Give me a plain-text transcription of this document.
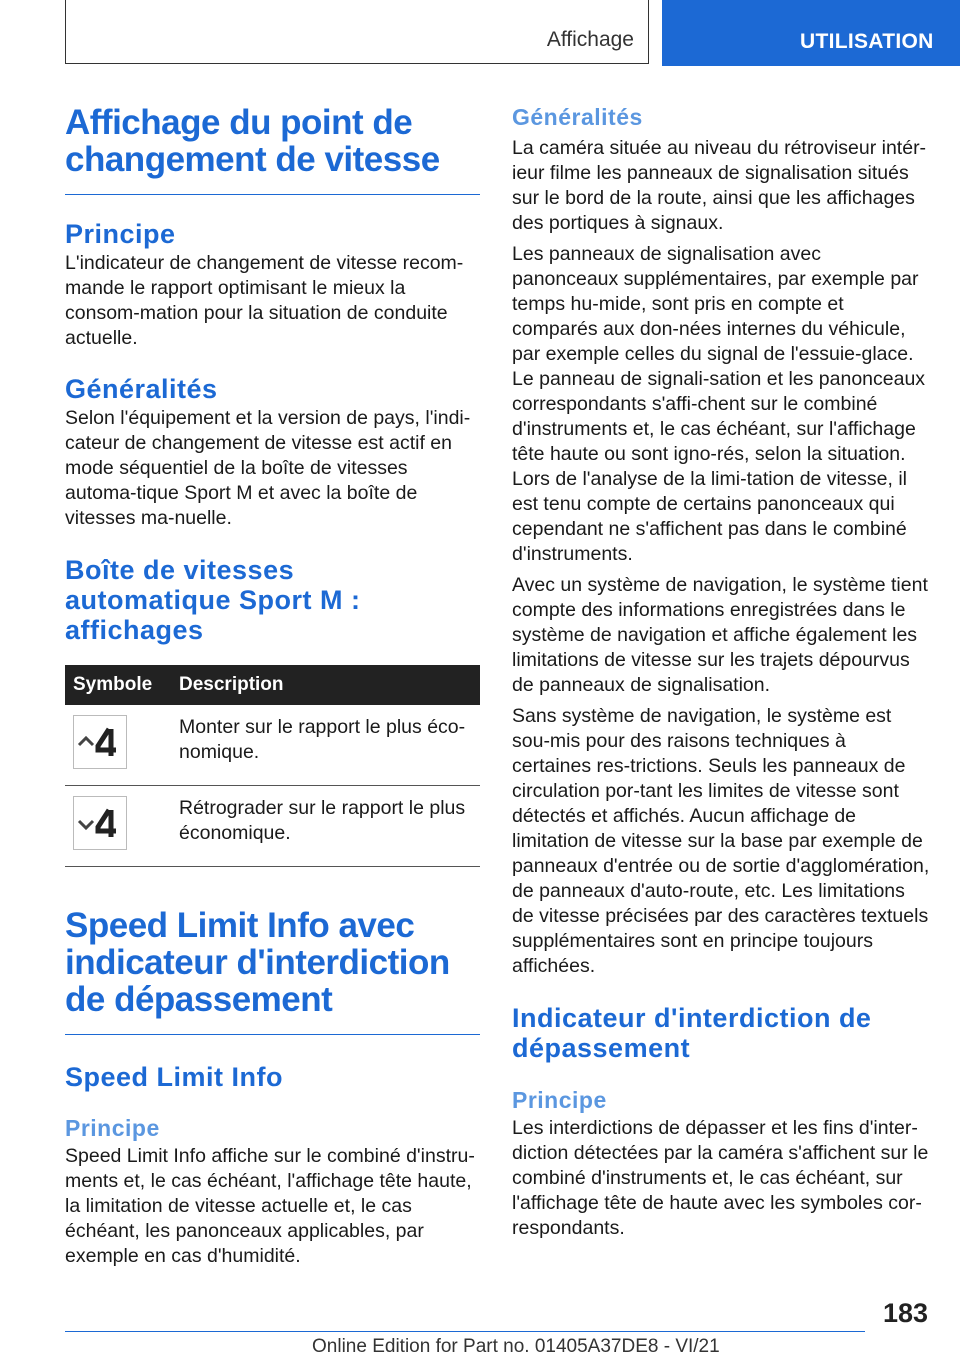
Affichage	UTILISATION
Affichage du point de changement de vitesse
Principe

L'indicateur de changement de vitesse recom-mande le rapport optimisant le mieux la consom-mation pour la situation de conduite actuelle.

Généralités

Selon l'équipement et la version de pays, l'indi-cateur de changement de vitesse est actif en mode séquentiel de la boîte de vitesses automa-tique Sport M et avec la boîte de vitesses ma-nuelle.

Boîte de vitesses automatique Sport M : affichages
Symbole	Description

	Monter sur le rapport le plus éco-nomique.

	Rétrograder sur le rapport le plus économique.
Speed Limit Info avec indicateur d'interdiction de dépassement
Speed Limit Info
Principe

Speed Limit Info affiche sur le combiné d'instru-ments et, le cas échéant, l'affichage tête haute, la limitation de vitesse actuelle et, le cas échéant, les panonceaux applicables, par exemple en cas d'humidité.

Généralités

La caméra située au niveau du rétroviseur intér-ieur filme les panneaux de signalisation situés sur le bord de la route, ainsi que les affichages des portiques à signaux.

Les panneaux de signalisation avec panonceaux supplémentaires, par exemple par temps hu-mide, sont pris en compte et comparés aux don-nées internes du véhicule, par exemple celles du signal de l'essuie-glace. Le panneau de signali-sation et les panonceaux correspondants s'affi-chent sur le combiné d'instruments et, le cas échéant, sur l'affichage tête haute ou sont igno-rés, selon la situation. Lors de l'analyse de la limi-tation de vitesse, il est tenu compte de certains panonceaux qui cependant ne s'affichent pas dans le combiné d'instruments.

Avec un système de navigation, le système tient compte des informations enregistrées dans le système de navigation et affiche également les limitations de vitesse sur les trajets dépourvus de panneaux de signalisation.

Sans système de navigation, le système est sou-mis pour des raisons techniques à certaines res-trictions. Seuls les panneaux de circulation por-tant les limites de vitesse sont détectés et affichés. Aucun affichage de limitation de vitesse sur la base par exemple de panneaux d'entrée ou de sortie d'agglomération, de panneaux d'auto-route, etc. Les limitations de vitesse précisées par des caractères textuels supplémentaires sont en principe toujours affichées.

Indicateur d'interdiction de dépassement
Principe

Les interdictions de dépasser et les fins d'inter-diction détectées par la caméra s'affichent sur le combiné d'instruments et, le cas échéant, sur l'affichage tête de haute avec les symboles cor-respondants.

183
Online Edition for Part no. 01405A37DE8 - VI/21
